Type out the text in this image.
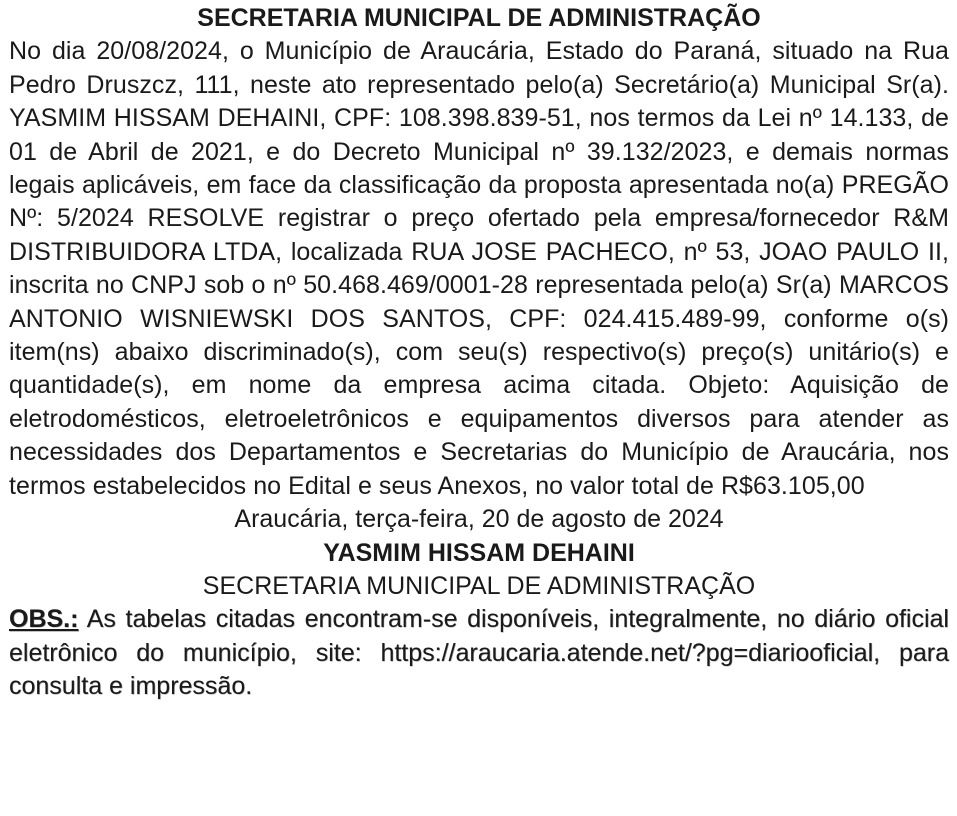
SECRETARIA MUNICIPAL DE ADMINISTRAÇÃO

No dia 20/08/2024, o Município de Araucária, Estado do Paraná, situado na Rua Pedro Druszcz, 111, neste ato representado pelo(a) Secretário(a) Municipal Sr(a). YASMIM HISSAM DEHAINI, CPF: 108.398.839-51, nos termos da Lei nº 14.133, de 01 de Abril de 2021, e do Decreto Municipal nº 39.132/2023, e demais normas legais aplicáveis, em face da classificação da proposta apresentada no(a) PREGÃO Nº: 5/2024 RESOLVE registrar o preço ofertado pela empresa/fornecedor R&M DISTRIBUIDORA LTDA, localizada RUA JOSE PACHECO, nº 53, JOAO PAULO II, inscrita no CNPJ sob o nº 50.468.469/0001-28 representada pelo(a) Sr(a) MARCOS ANTONIO WISNIEWSKI DOS SANTOS, CPF: 024.415.489-99, conforme o(s) item(ns) abaixo discriminado(s), com seu(s) respectivo(s) preço(s) unitário(s) e quantidade(s), em nome da empresa acima citada. Objeto: Aquisição de eletrodomésticos, eletroeletrônicos e equipamentos diversos para atender as necessidades dos Departamentos e Secretarias do Município de Araucária, nos termos estabelecidos no Edital e seus Anexos, no valor total de R$63.105,00

Araucária, terça-feira, 20 de agosto de 2024

YASMIM HISSAM DEHAINI

SECRETARIA MUNICIPAL DE ADMINISTRAÇÃO

OBS.: As tabelas citadas encontram-se disponíveis, integralmente, no diário oficial eletrônico do município, site: https://araucaria.atende.net/?pg=diariooficial, para consulta e impressão.
